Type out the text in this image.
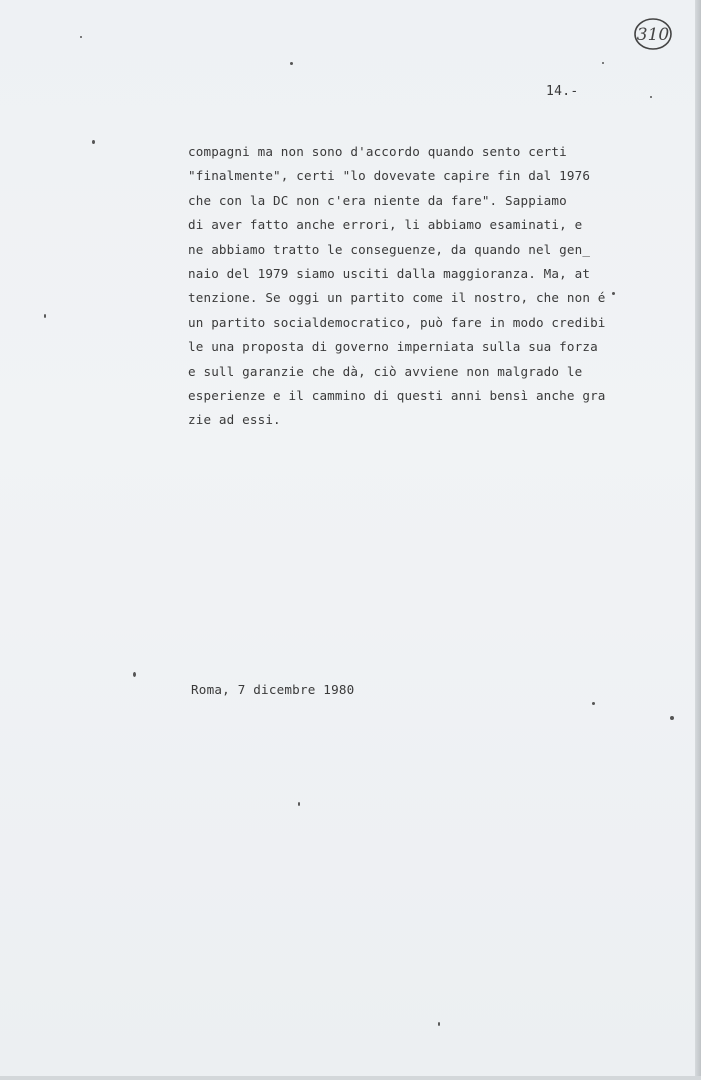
310
14.-
compagni ma non sono d'accordo quando sento certi
"finalmente", certi "lo dovevate capire fin dal 1976
che con la DC non c'era niente da fare". Sappiamo
di aver fatto anche errori, li abbiamo esaminati, e
ne abbiamo tratto le conseguenze, da quando nel gen_
naio del 1979 siamo usciti dalla maggioranza. Ma, at
tenzione. Se oggi un partito come il nostro, che non é
un partito socialdemocratico, può fare in modo credibi
le una proposta di governo imperniata sulla sua forza
e sull garanzie che dà, ciò avviene non malgrado le
esperienze e il cammino di questi anni bensì anche gra
zie ad essi.
Roma, 7 dicembre 1980
